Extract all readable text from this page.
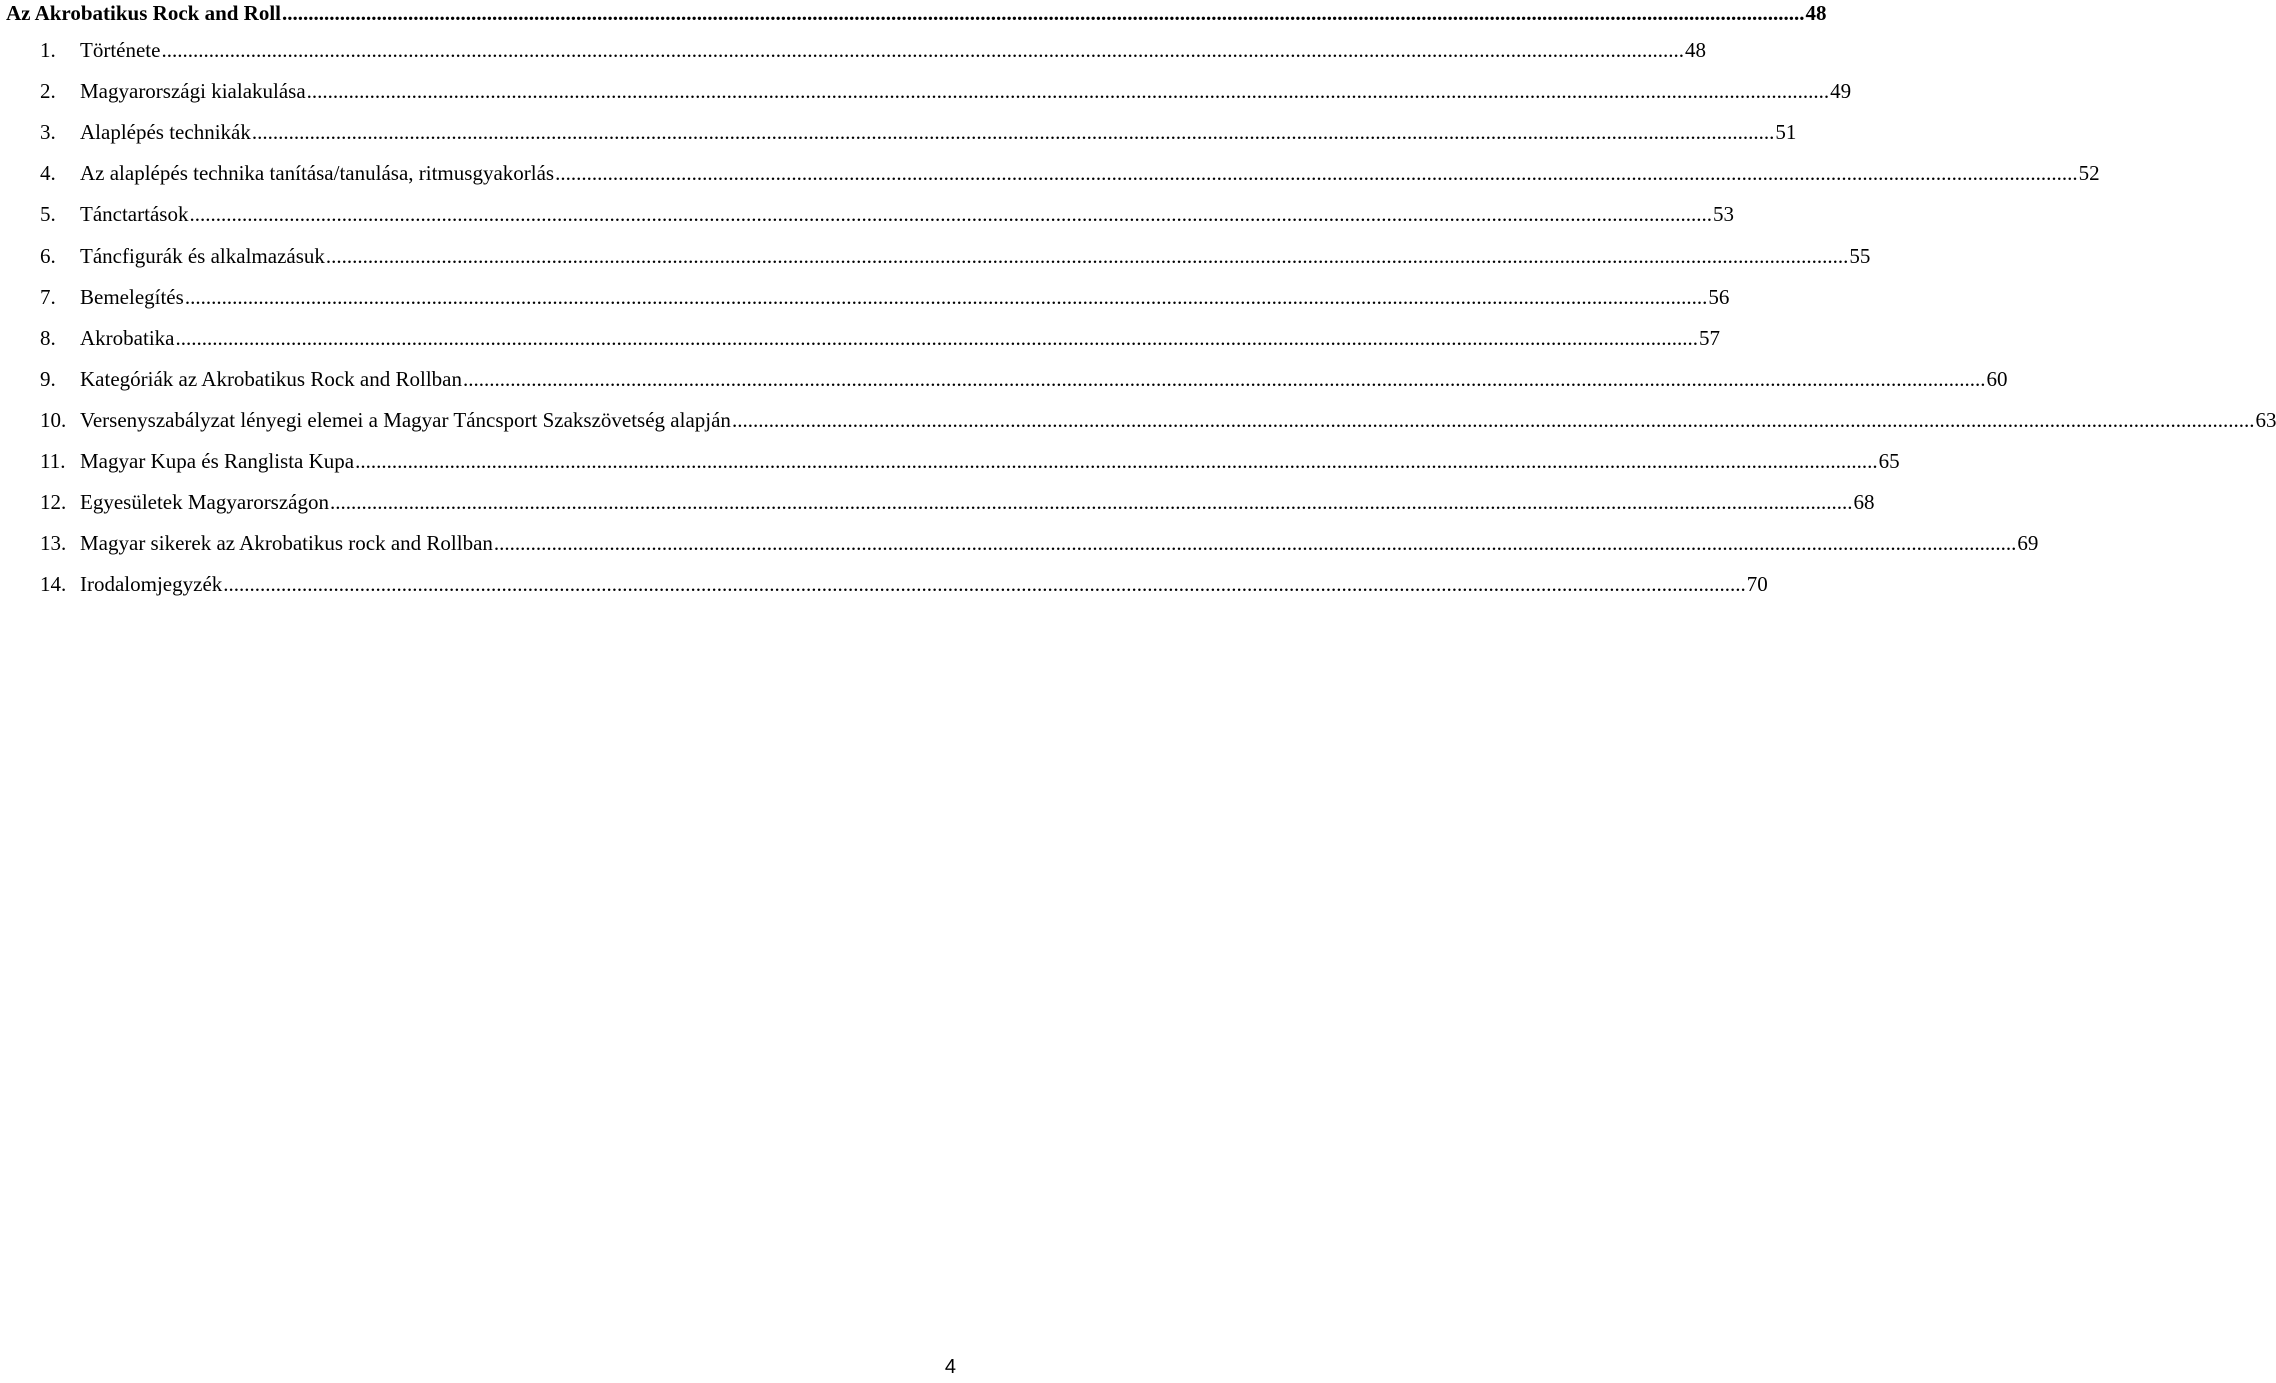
Az Akrobatikus Rock and Roll .....	48
1.	Története .....	48
2.	Magyarországi kialakulása .....	49
3.	Alaplépés technikák .....	51
4.	Az alaplépés technika tanítása/tanulása, ritmusgyakorlás .....	52
5.	Tánctartások .....	53
6.	Táncfigurák és alkalmazásuk .....	55
7.	Bemelegítés .....	56
8.	Akrobatika .....	57
9.	Kategóriák az Akrobatikus Rock and Rollban .....	60
10. Versenyszabályzat lényegi elemei a Magyar Táncsport Szakszövetség alapján .....	63
11. Magyar Kupa és Ranglista Kupa .....	65
12. Egyesületek Magyarországon .....	68
13. Magyar sikerek az Akrobatikus rock and Rollban .....	69
14. Irodalomjegyzék .....	70
4
